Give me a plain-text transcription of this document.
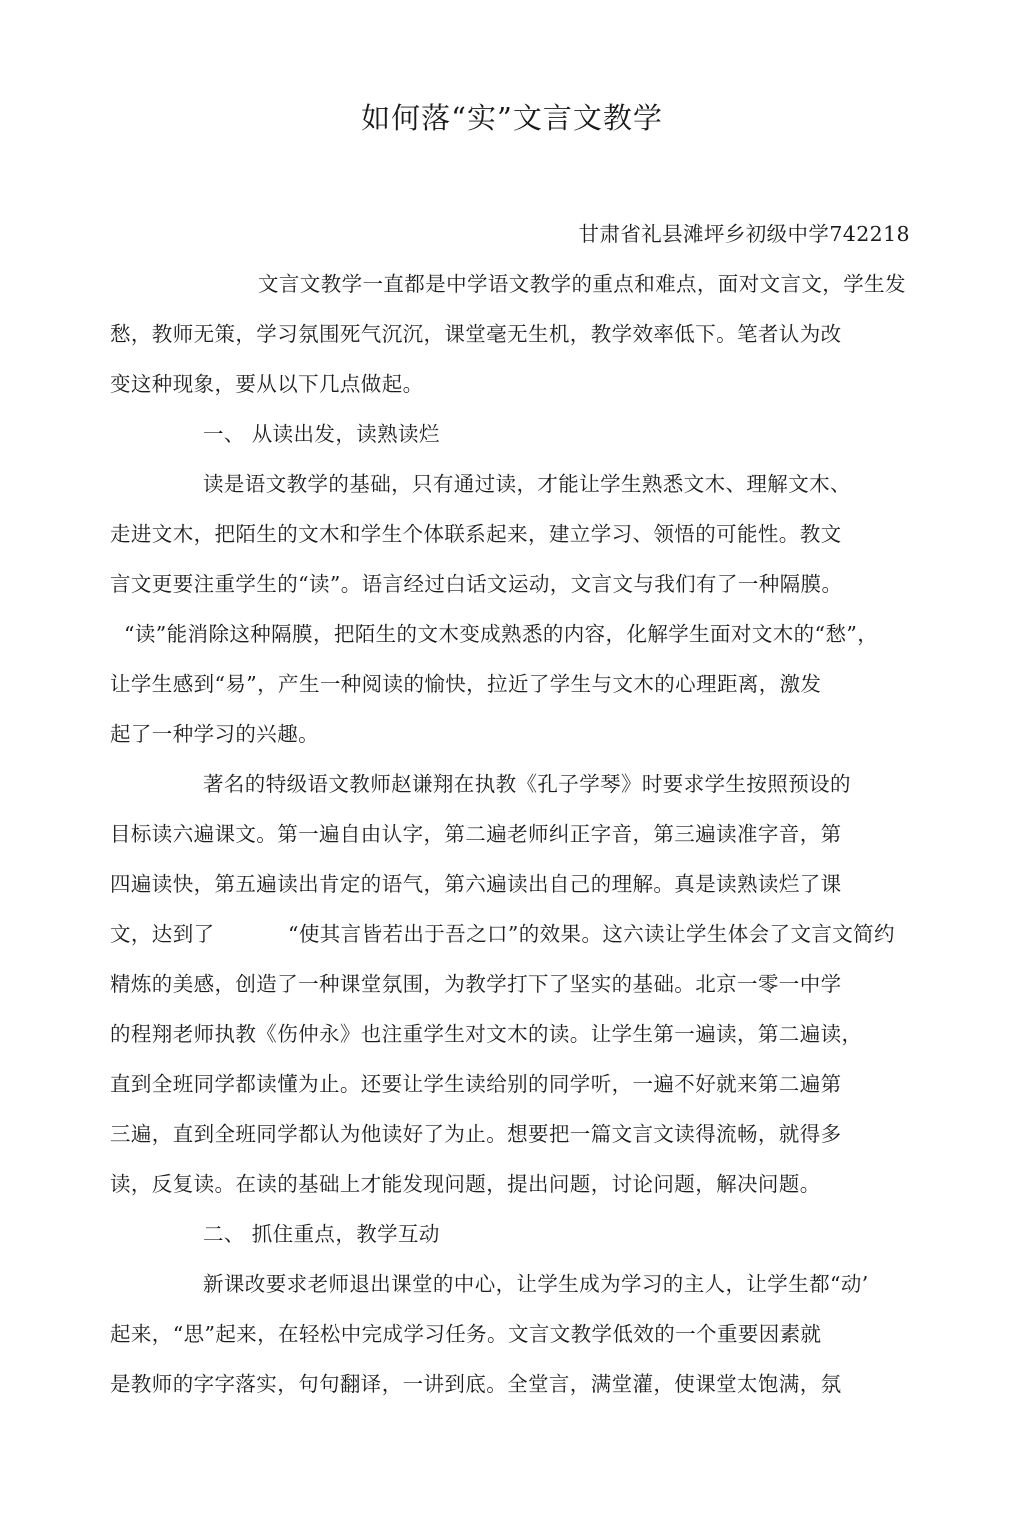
如何落“实”文言文教学
甘肃省礼县滩坪乡初级中学742218
文言文教学一直都是中学语文教学的重点和难点，面对文言文，学生发
愁，教师无策，学习氛围死气沉沉，课堂毫无生机，教学效率低下。笔者认为改
变这种现象，要从以下几点做起。
一、 从读出发，读熟读烂
读是语文教学的基础，只有通过读，才能让学生熟悉文木、理解文木、
走进文木，把陌生的文木和学生个体联系起来，建立学习、领悟的可能性。教文
言文更要注重学生的“读”。语言经过白话文运动，文言文与我们有了一种隔膜。
“读”能消除这种隔膜，把陌生的文木变成熟悉的内容，化解学生面对文木的“愁”，
让学生感到“易”，产生一种阅读的愉快，拉近了学生与文木的心理距离，激发
起了一种学习的兴趣。
著名的特级语文教师赵谦翔在执教《孔子学琴》时要求学生按照预设的
目标读六遍课文。第一遍自由认字，第二遍老师纠正字音，第三遍读准字音，第
四遍读快，第五遍读出肯定的语气，第六遍读出自己的理解。真是读熟读烂了课
文，达到了	“使其言皆若出于吾之口”的效果。这六读让学生体会了文言文简约
精炼的美感，创造了一种课堂氛围，为教学打下了坚实的基础。北京一零一中学
的程翔老师执教《伤仲永》也注重学生对文木的读。让学生第一遍读，第二遍读，
直到全班同学都读懂为止。还要让学生读给别的同学听，一遍不好就来第二遍第
三遍，直到全班同学都认为他读好了为止。想要把一篇文言文读得流畅，就得多
读，反复读。在读的基础上才能发现问题，提出问题，讨论问题，解决问题。
二、 抓住重点，教学互动
新课改要求老师退出课堂的中心，让学生成为学习的主人，让学生都“动’
起来，“思”起来，在轻松中完成学习任务。文言文教学低效的一个重要因素就
是教师的字字落实，句句翻译，一讲到底。全堂言，满堂灌，使课堂太饱满，氛
